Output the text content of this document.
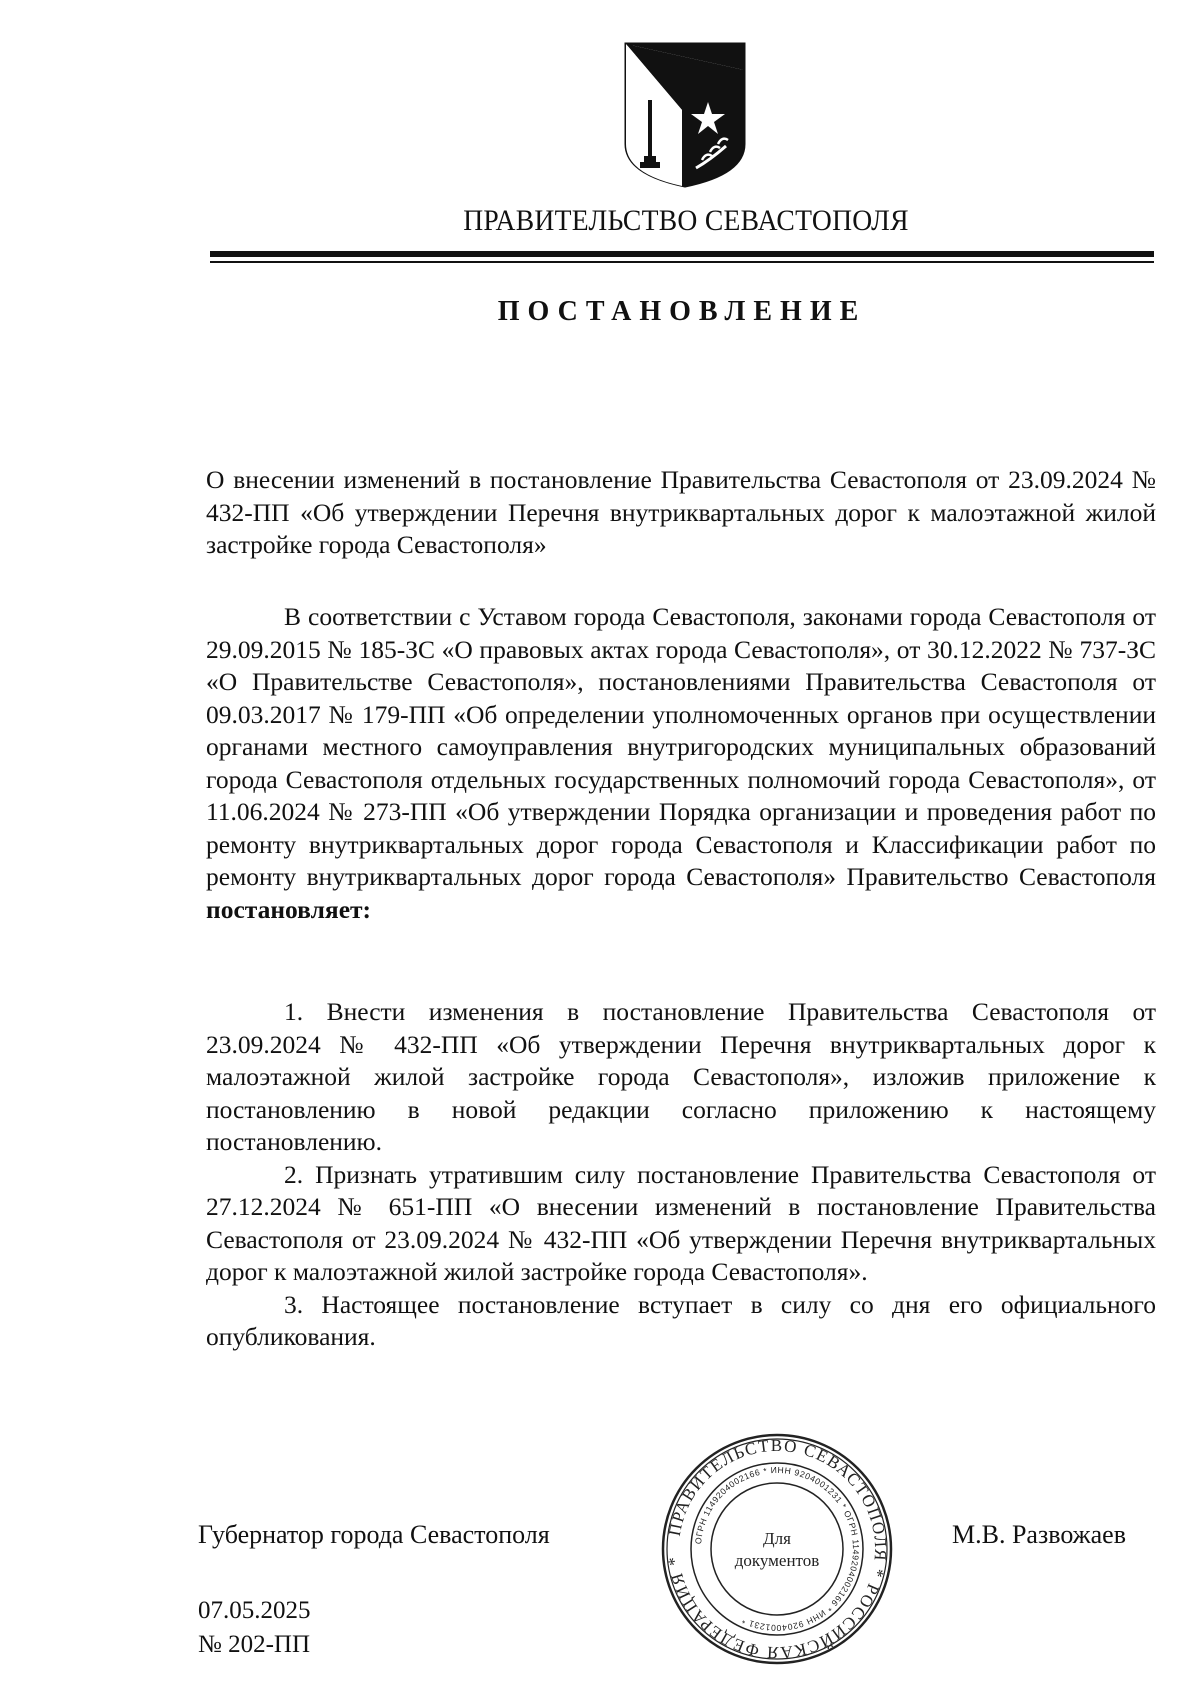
ПРАВИТЕЛЬСТВО СЕВАСТОПОЛЯ
ПОСТАНОВЛЕНИЕ

О внесении изменений в постановление Правительства Севастополя от 23.09.2024 № 432-ПП «Об утверждении Перечня внутриквартальных дорог к малоэтажной жилой застройке города Севастополя»

В соответствии с Уставом города Севастополя, законами города Севастополя от 29.09.2015 № 185-ЗС «О правовых актах города Севастополя», от 30.12.2022 № 737-ЗС «О Правительстве Севастополя», постановлениями Правительства Севастополя от 09.03.2017 № 179-ПП «Об определении уполномоченных органов при осуществлении органами местного самоуправления внутригородских муниципальных образований города Севастополя отдельных государственных полномочий города Севастополя», от 11.06.2024 № 273-ПП «Об утверждении Порядка организации и проведения работ по ремонту внутриквартальных дорог города Севастополя и Классификации работ по ремонту внутриквартальных дорог города Севастополя» Правительство Севастополя постановляет:

1. Внести изменения в постановление Правительства Севастополя от 23.09.2024 № 432-ПП «Об утверждении Перечня внутриквартальных дорог к малоэтажной жилой застройке города Севастополя», изложив приложение к постановлению в новой редакции согласно приложению к настоящему постановлению.

2. Признать утратившим силу постановление Правительства Севастополя от 27.12.2024 № 651-ПП «О внесении изменений в постановление Правительства Севастополя от 23.09.2024 № 432-ПП «Об утверждении Перечня внутриквартальных дорог к малоэтажной жилой застройке города Севастополя».

3. Настоящее постановление вступает в силу со дня его официального опубликования.

Губернатор города Севастополя	ПРАВИТЕЛЬСТВО СЕВАСТОПОЛЯ * РОССИЙСКАЯ ФЕДЕРАЦИЯ *
ОГРН 1149204002166 * ИНН 9204001231 * ОГРН 1149204002166 * ИНН 9204001231 *
Для
документов
М.В. Развожаев
07.05.2025
№ 202-ПП
